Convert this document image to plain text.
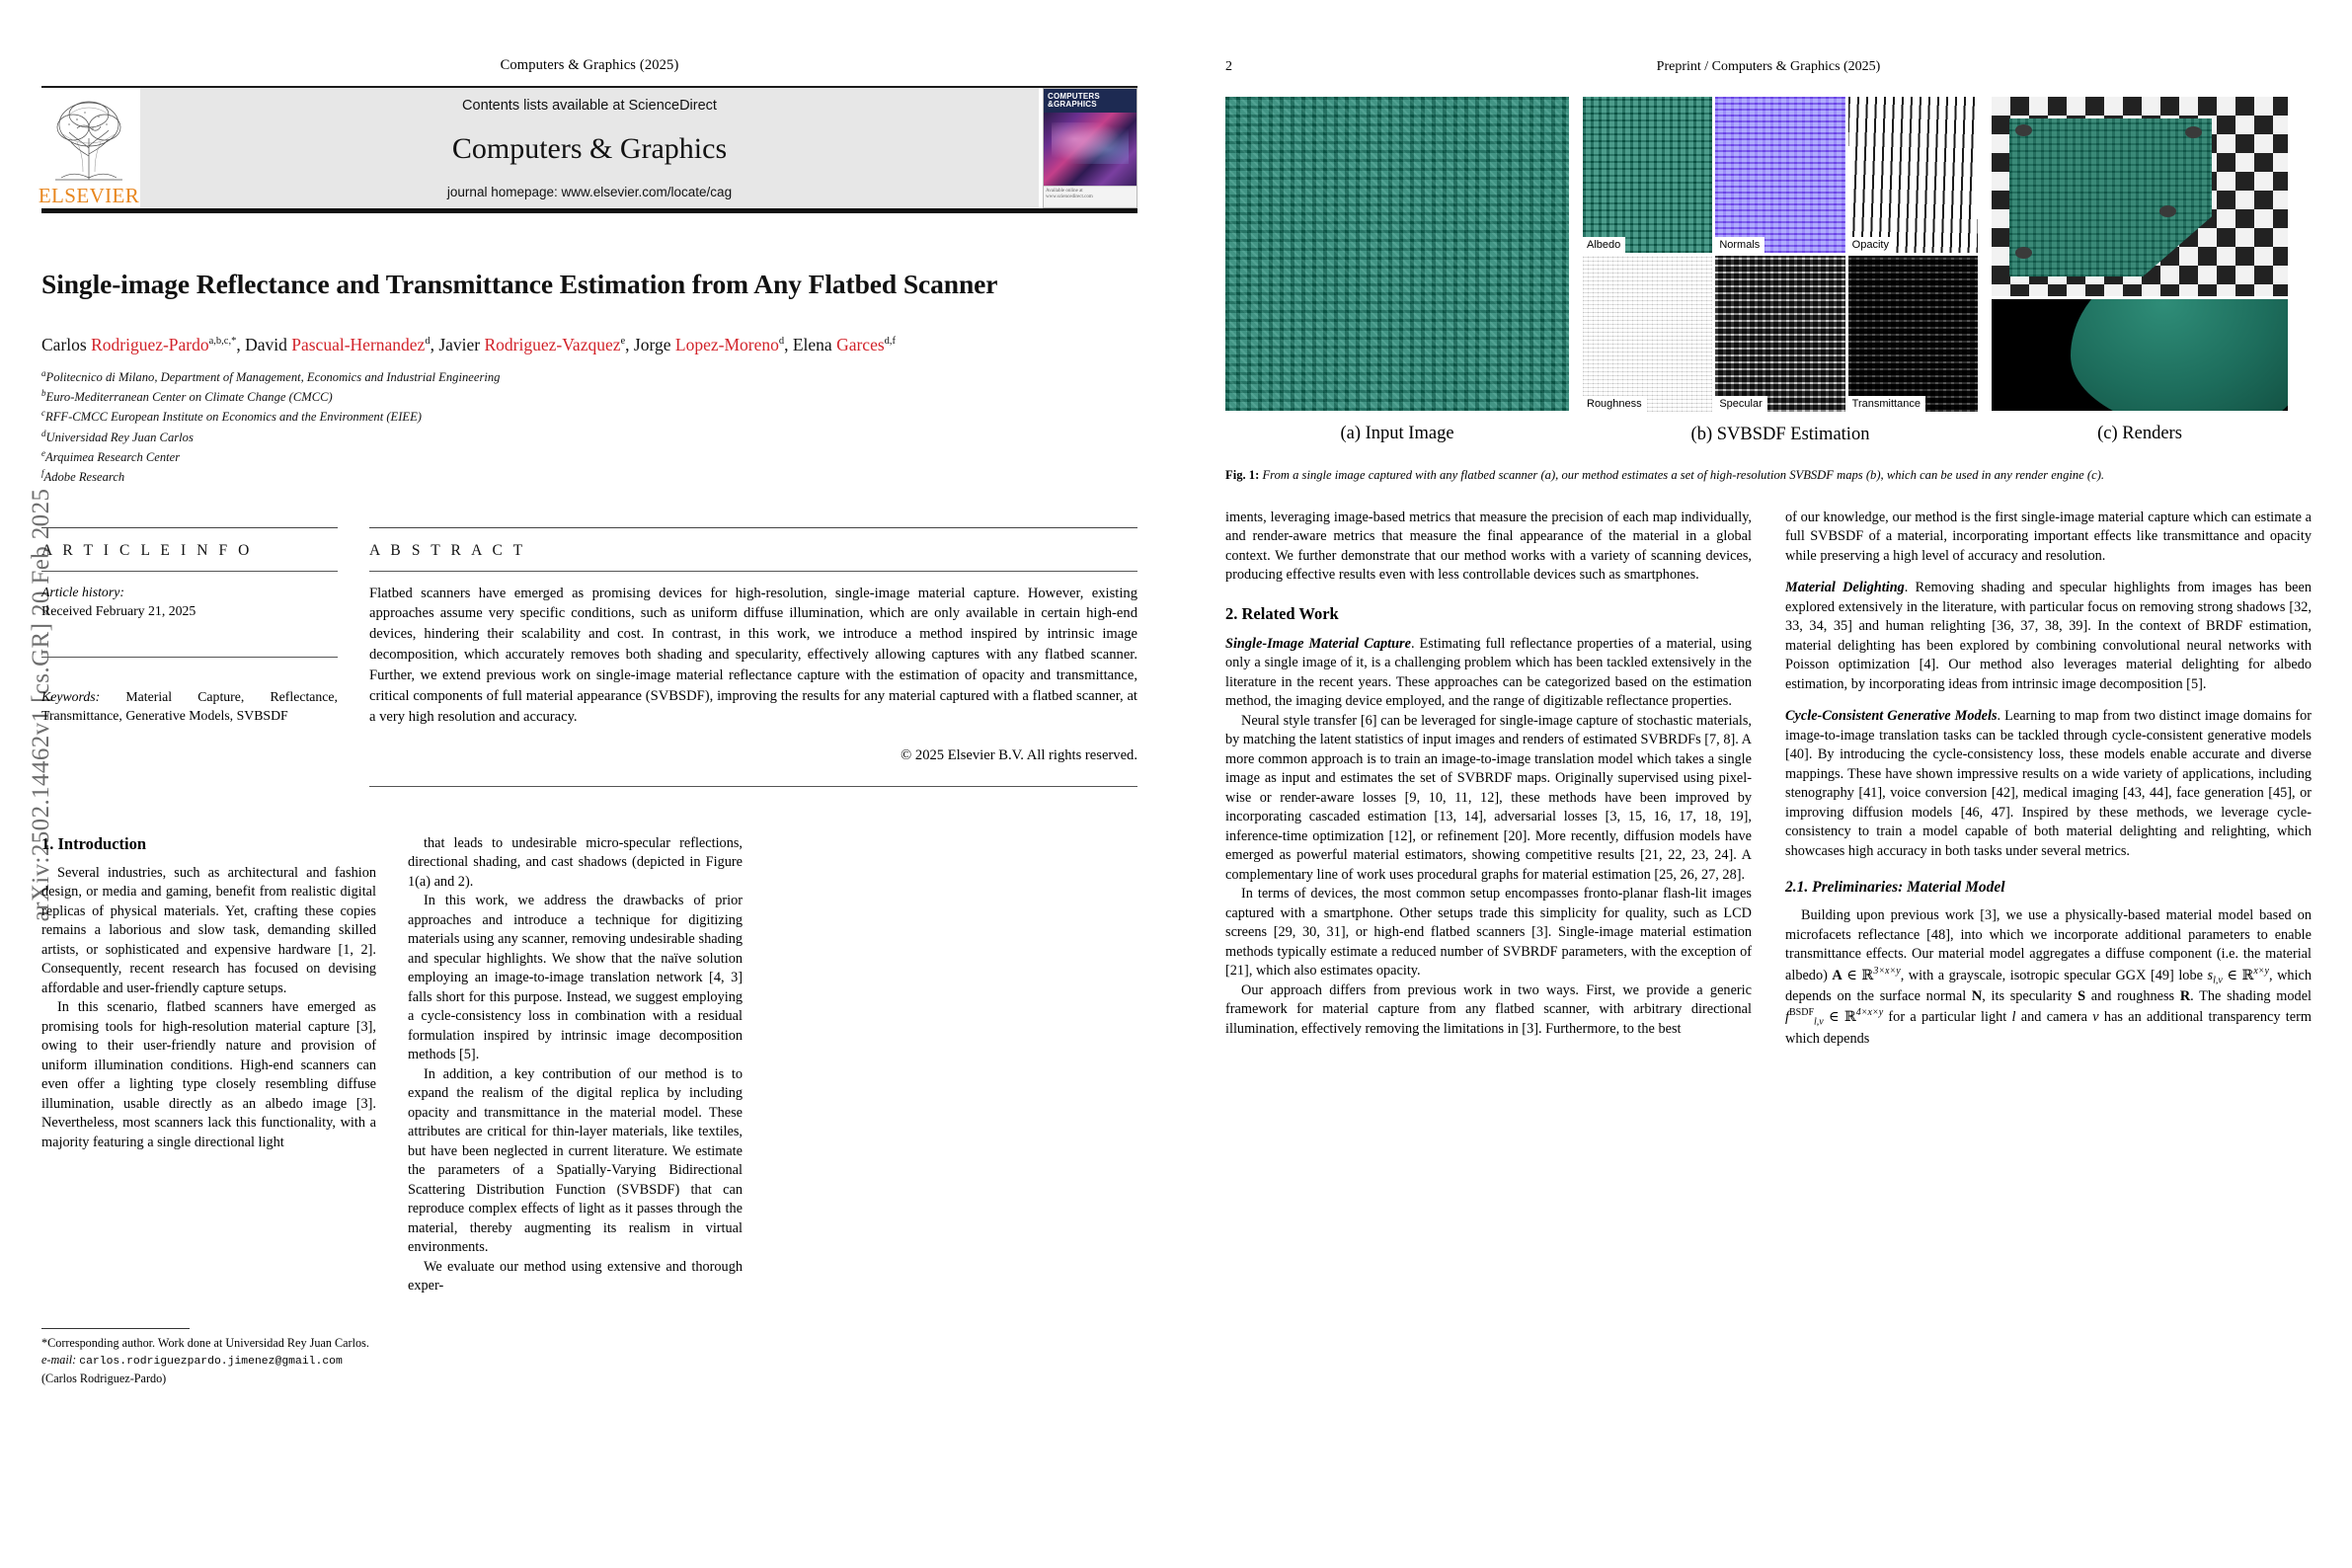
arXiv:2502.14462v1 [cs.GR] 20 Feb 2025
Computers & Graphics (2025)
ELSEVIER
Contents lists available at ScienceDirect
Computers & Graphics
journal homepage: www.elsevier.com/locate/cag
COMPUTERS
&GRAPHICS
Available online at
www.sciencedirect.com
Single-image Reflectance and Transmittance Estimation from Any Flatbed Scanner
Carlos Rodriguez-Pardo$^{a,b,c,*}$, David Pascual-Hernandez$^d$, Javier Rodriguez-Vazquez$^e$, Jorge Lopez-Moreno$^d$, Elena Garces$^{d,f}$
$^a$Politecnico di Milano, Department of Management, Economics and Industrial Engineering
$^b$Euro-Mediterranean Center on Climate Change (CMCC)
$^c$RFF-CMCC European Institute on Economics and the Environment (EIEE)
$^d$Universidad Rey Juan Carlos
$^e$Arquimea Research Center
$^f$Adobe Research
A R T I C L E I N F O
Article history:
Received February 21, 2025
Keywords: Material Capture, Reflectance, Transmittance, Generative Models, SVBSDF
A B S T R A C T
Flatbed scanners have emerged as promising devices for high-resolution, single-image material capture. However, existing approaches assume very specific conditions, such as uniform diffuse illumination, which are only available in certain high-end devices, hindering their scalability and cost. In contrast, in this work, we introduce a method inspired by intrinsic image decomposition, which accurately removes both shading and specularity, effectively allowing captures with any flatbed scanner. Further, we extend previous work on single-image material reflectance capture with the estimation of opacity and transmittance, critical components of full material appearance (SVBSDF), improving the results for any material captured with a flatbed scanner, at a very high resolution and accuracy.
© 2025 Elsevier B.V. All rights reserved.
1. Introduction

Several industries, such as architectural and fashion design, or media and gaming, benefit from realistic digital replicas of physical materials. Yet, crafting these copies remains a laborious and slow task, demanding skilled artists, or sophisticated and expensive hardware [1, 2]. Consequently, recent research has focused on devising affordable and user-friendly capture setups.

In this scenario, flatbed scanners have emerged as promising tools for high-resolution material capture [3], owing to their user-friendly nature and provision of uniform illumination conditions. High-end scanners can even offer a lighting type closely resembling diffuse illumination, usable directly as an albedo image [3]. Nevertheless, most scanners lack this functionality, with a majority featuring a single directional light

*Corresponding author. Work done at Universidad Rey Juan Carlos.
e-mail: carlos.rodriguezpardo.jimenez@gmail.com
(Carlos Rodriguez-Pardo)

that leads to undesirable micro-specular reflections, directional shading, and cast shadows (depicted in Figure 1(a) and 2).

In this work, we address the drawbacks of prior approaches and introduce a technique for digitizing materials using any scanner, removing undesirable shading and specular highlights. We show that the naïve solution employing an image-to-image translation network [4, 3] falls short for this purpose. Instead, we suggest employing a cycle-consistency loss in combination with a residual formulation inspired by intrinsic image decomposition methods [5].

In addition, a key contribution of our method is to expand the realism of the digital replica by including opacity and transmittance in the material model. These attributes are critical for thin-layer materials, like textiles, but have been neglected in current literature. We estimate the parameters of a Spatially-Varying Bidirectional Scattering Distribution Function (SVBSDF) that can reproduce complex effects of light as it passes through the material, thereby augmenting its realism in virtual environments.

We evaluate our method using extensive and thorough exper-

2	Preprint / Computers & Graphics (2025)
(a) Input Image
Albedo	Normals	Opacity
Roughness	Specular	Transmittance
(b) SVBSDF Estimation	(c) Renders
Fig. 1: From a single image captured with any flatbed scanner (a), our method estimates a set of high-resolution SVBSDF maps (b), which can be used in any render engine (c).

iments, leveraging image-based metrics that measure the precision of each map individually, and render-aware metrics that measure the final appearance of the material in a global context. We further demonstrate that our method works with a variety of scanning devices, producing effective results even with less controllable devices such as smartphones.

2. Related Work

Single-Image Material Capture. Estimating full reflectance properties of a material, using only a single image of it, is a challenging problem which has been tackled extensively in the literature in the recent years. These approaches can be categorized based on the estimation method, the imaging device employed, and the range of digitizable reflectance properties.

Neural style transfer [6] can be leveraged for single-image capture of stochastic materials, by matching the latent statistics of input images and renders of estimated SVBRDFs [7, 8]. A more common approach is to train an image-to-image translation model which takes a single image as input and estimates the set of SVBRDF maps. Originally supervised using pixel-wise or render-aware losses [9, 10, 11, 12], these methods have been improved by incorporating cascaded estimation [13, 14], adversarial losses [3, 15, 16, 17, 18, 19], inference-time optimization [12], or refinement [20]. More recently, diffusion models have emerged as powerful material estimators, showing competitive results [21, 22, 23, 24]. A complementary line of work uses procedural graphs for material estimation [25, 26, 27, 28].

In terms of devices, the most common setup encompasses fronto-planar flash-lit images captured with a smartphone. Other setups trade this simplicity for quality, such as LCD screens [29, 30, 31], or high-end flatbed scanners [3]. Single-image material estimation methods typically estimate a reduced number of SVBRDF parameters, with the exception of [21], which also estimates opacity.

Our approach differs from previous work in two ways. First, we provide a generic framework for material capture from any flatbed scanner, with arbitrary directional illumination, effectively removing the limitations in [3]. Furthermore, to the best

of our knowledge, our method is the first single-image material capture which can estimate a full SVBSDF of a material, incorporating important effects like transmittance and opacity while preserving a high level of accuracy and resolution.

Material Delighting. Removing shading and specular highlights from images has been explored extensively in the literature, with particular focus on removing strong shadows [32, 33, 34, 35] and human relighting [36, 37, 38, 39]. In the context of BRDF estimation, material delighting has been explored by combining convolutional neural networks with Poisson optimization [4]. Our method also leverages material delighting for albedo estimation, by incorporating ideas from intrinsic image decomposition [5].

Cycle-Consistent Generative Models. Learning to map from two distinct image domains for image-to-image translation tasks can be tackled through cycle-consistent generative models [40]. By introducing the cycle-consistency loss, these models enable accurate and diverse mappings. These have shown impressive results on a wide variety of applications, including stenography [41], voice conversion [42], medical imaging [43, 44], face generation [45], or improving diffusion models [46, 47]. Inspired by these methods, we leverage cycle-consistency to train a model capable of both material delighting and relighting, which showcases high accuracy in both tasks under several metrics.

2.1. Preliminaries: Material Model

Building upon previous work [3], we use a physically-based material model based on microfacets reflectance [48], into which we incorporate additional parameters to enable transmittance effects. Our material model aggregates a diffuse component (i.e. the material albedo) A ∈ ℝ$^{3\times x\times y}$, with a grayscale, isotropic specular GGX [49] lobe $s_{l,v}$ ∈ ℝ$^{x\times y}$, which depends on the surface normal N, its specularity S and roughness R. The shading model $f^{BSDF}_{l,v}$ ∈ ℝ$^{4\times x\times y}$ for a particular light l and camera v has an additional transparency term which depends
